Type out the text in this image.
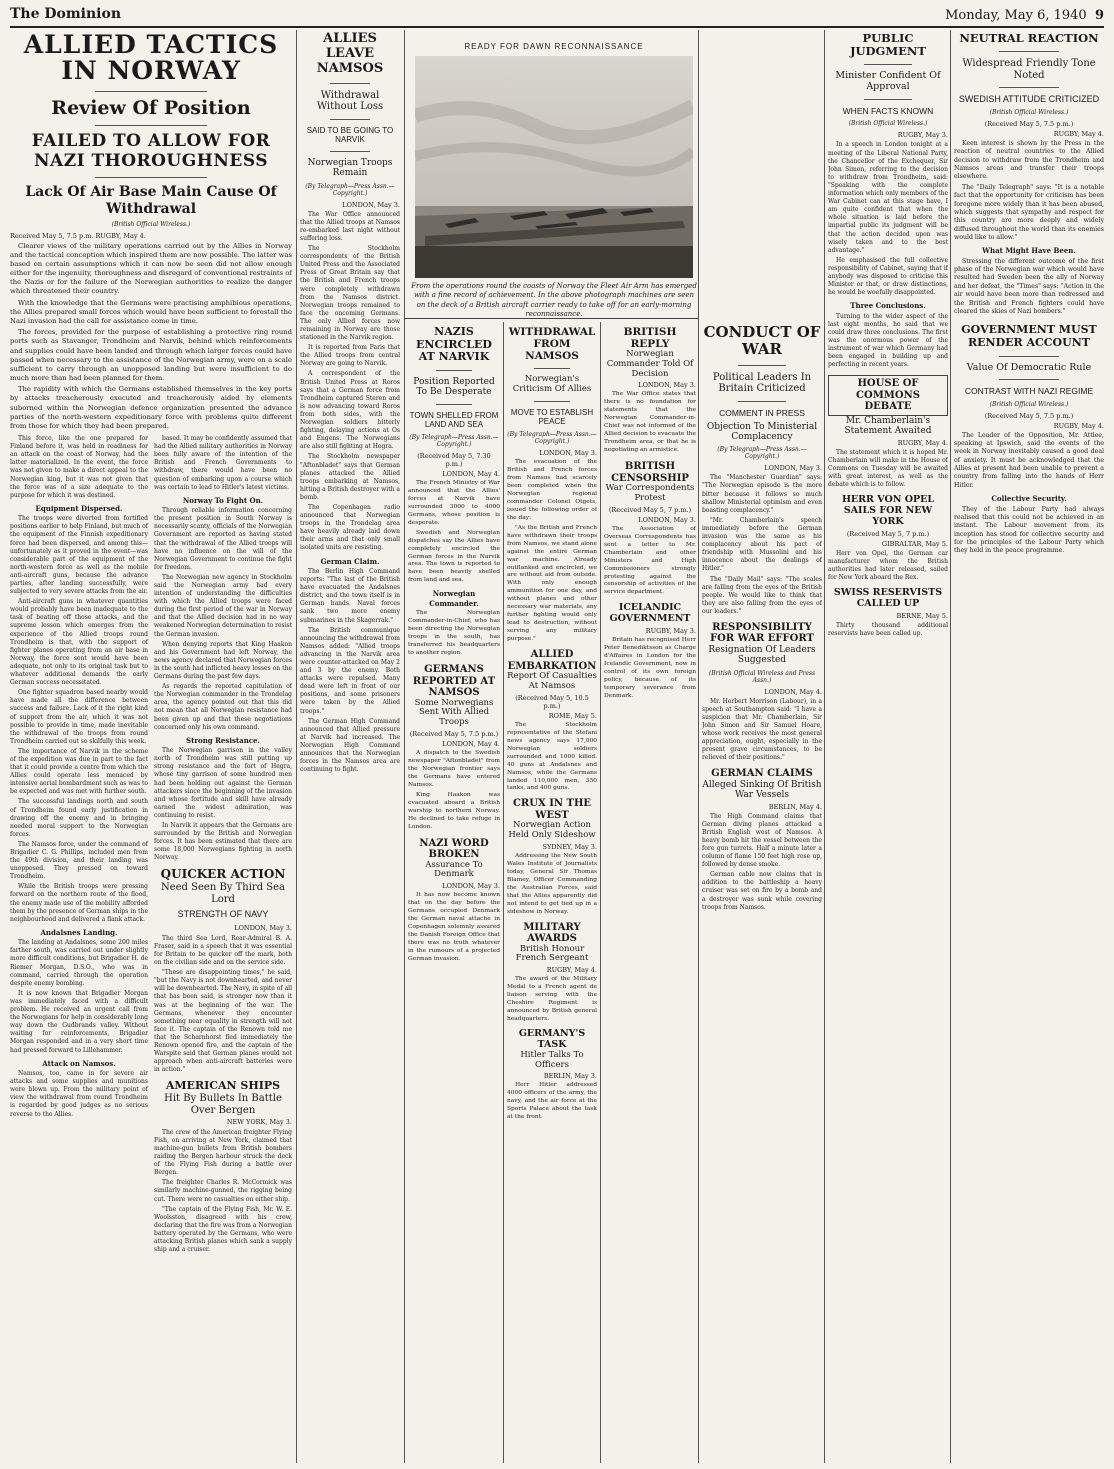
The Dominion	Monday, May 6, 1940 9
ALLIED TACTICS IN NORWAY
Review Of Position
FAILED TO ALLOW FOR NAZI THOROUGHNESS
Lack Of Air Base Main Cause Of Withdrawal
(British Official Wireless.)
Received May 5, 7.5 p.m. RUGBY, May 4.

Clearer views of the military operations carried out by the Allies in Norway and the tactical conception which inspired them are now possible. The latter was based on certain assumptions which it can now be seen did not allow enough either for the ingenuity, thoroughness and disregard of conventional restraints of the Nazis or for the failure of the Norwegian authorities to realize the danger which threatened their country.

With the knowledge that the Germans were practising amphibious operations, the Allies prepared small forces which would have been sufficient to forestall the Nazi invasion had the call for assistance come in time.

The forces, provided for the purpose of establishing a protective ring round ports such as Stavanger, Trondheim and Narvik, behind which reinforcements and supplies could have been landed and through which larger forces could have passed when necessary to the assistance of the Norwegian army, were on a scale sufficient to carry through an unopposed landing but were insufficient to do much more than had been planned for them.

The rapidity with which the Germans established themselves in the key ports by attacks treacherously executed and treacherously aided by elements suborned within the Norwegian defence organization presented the advance parties of the north-western expeditionary force with problems quite different from those for which they had been prepared.

This force, like the one prepared for Finland before it, was held in readiness for an attack on the coast of Norway, had the latter materialized. In the event, the force was not given to make a direct appeal to the Norwegian king, but it was not given that the force was of a size adequate to the purpose for which it was destined.

Equipment Dispersed.

The troops were diverted from fortified positions earlier to help Finland, but much of the equipment of the Finnish expeditionary force had been dispersed, and among this—unfortunately as it proved in the event—was considerable part of the equipment of the north-western force as well as the mobile anti-aircraft guns, because the advance parties, after landing successfully, were subjected to very severe attacks from the air.

Anti-aircraft guns in whatever quantities would probably have been inadequate to the task of beating off those attacks, and the supreme lesson which emerges from the experience of the Allied troops round Trondheim is that, with the support of fighter planes operating from an air base in Norway, the force sent would have been adequate, not only to its original task but to whatever additional demands the early German success necessitated.

One fighter squadron based nearby would have made all the difference between success and failure. Lack of it the right kind of support from the air, which it was not possible to provide in time, made inevitable the withdrawal of the troops from round Trondheim carried out so skilfully this week.

The importance of Narvik in the scheme of the expedition was due in part to the fact that it could provide a centre from which the Allies could operate less menaced by intensive aerial bombardment such as was to be expected and was met with further south.

The successful landings north and south of Trondheim found early justification in drawing off the enemy and in bringing needed moral support to the Norwegian forces.

The Namsos force, under the command of Brigadier C. G. Phillips, included men from the 49th division, and their landing was unopposed. They pressed on toward Trondheim.

While the British troops were pressing forward on the northern route of the flood, the enemy made use of the mobility afforded them by the presence of German ships in the neighbourhood and delivered a flank attack.

Andalsnes Landing.

The landing at Andalsnes, some 200 miles farther south, was carried out under slightly more difficult conditions, but Brigadier H. de Riemer Morgan, D.S.O., who was in command, carried through the operation despite enemy bombing.

It is now known that Brigadier Morgan was immediately faced with a difficult problem. He received an urgent call from the Norwegians for help in considerably long way down the Gudbrands valley. Without waiting for reinforcements, Brigadier Morgan responded and in a very short time had pressed forward to Lillehammer.

Attack on Namsos.

Namsos, too, came in for severe air attacks and some supplies and munitions were blown up. From the military point of view the withdrawal from round Trondheim is regarded by good judges as no serious reverse to the Allies.

based. It may be confidently assumed that had the Allied military authorities in Norway been fully aware of the intention of the British and French Governments to withdraw, there would have been no question of embarking upon a course which was certain to lead to Hitler's latest victims.

Norway To Fight On.

Through reliable information concerning the present position in South Norway is necessarily scanty, officials of the Norwegian Government are reported as having stated that the withdrawal of the Allied troops will have no influence on the will of the Norwegian Government to continue the fight for freedom.

The Norwegian new agency in Stockholm said the Norwegian army had every intention of understanding the difficulties with which the Allied troops were faced during the first period of the war in Norway and that the Allied decision had in no way weakened Norwegian determination to resist the German invasion.

When denying reports that King Haakon and his Government had left Norway, the news agency declared that Norwegian forces in the south had inflicted heavy losses on the Germans during the past few days.

As regards the reported capitulation of the Norwegian commander in the Trondelag area, the agency pointed out that this did not mean that all Norwegian resistance had been given up and that these negotiations concerned only his own command.

Strong Resistance.

The Norwegian garrison in the valley north of Trondheim was still putting up strong resistance and the fort of Hegra, whose tiny garrison of some hundred men had been holding out against the German attackers since the beginning of the invasion and whose fortitude and skill have already earned the widest admiration, was continuing to resist.

In Narvik it appears that the Germans are surrounded by the British and Norwegian forces. It has been estimated that there are some 18,000 Norwegians fighting in north Norway.

QUICKER ACTION
Need Seen By Third Sea Lord
STRENGTH OF NAVY
LONDON, May 3.

The third Sea Lord, Rear-Admiral B. A. Fraser, said in a speech that it was essential for Britain to be quicker off the mark, both on the civilian side and on the service side.

"These are disappointing times," he said, "but the Navy is not downhearted, and never will be downhearted. The Navy, in spite of all that has been said, is stronger now than it was at the beginning of the war. The Germans, whenever they encounter something near equality in strength will not face it. The captain of the Renown told me that the Scharnhorst fled immediately the Renown opened fire, and the captain of the Warspite said that German planes would not approach when anti-aircraft batteries were in action."

AMERICAN SHIPS
Hit By Bullets In Battle Over Bergen
NEW YORK, May 3.

The crew of the American freighter Flying Fish, on arriving at New York, claimed that machine-gun bullets from British bombers raiding the Bergen harbour struck the deck of the Flying Fish during a battle over Bergen.

The freighter Charles R. McCormick was similarly machine-gunned, the rigging being cut. There were no casualties on either ship.

"The captain of the Flying Fish, Mr. W. E. Woolsston, disagreed with his crew, declaring that the fire was from a Norwegian battery operated by the Germans, who were attacking British planes which sank a supply ship and a cruiser.

ALLIES LEAVE NAMSOS
Withdrawal Without Loss
SAID TO BE GOING TO NARVIK
Norwegian Troops Remain
(By Telegraph—Press Assn.—Copyright.)
LONDON, May 3.

The War Office announced that the Allied troops at Namsos re-embarked last night without suffering loss.

The Stockholm correspondents of the British United Press and the Associated Press of Great Britain say that the British and French troops were completely withdrawn from the Namsos district. Norwegian troops remained to face the oncoming Germans. The only Allied forces now remaining in Norway are those stationed in the Narvik region.

It is reported from Paris that the Allied troops from central Norway are going to Narvik.

A correspondent of the British United Press at Roros says that a German force from Trondheim captured Steren and is now advancing toward Roros from both sides, with the Norwegian soldiers bitterly fighting, delaying actions at Os and Engens. The Norwegians are also still fighting at Hegra.

The Stockholm newspaper "Aftonbladet" says that German planes attacked the Allied troops embarking at Namsos, hitting a British destroyer with a bomb.

The Copenhagen radio announced that Norwegian troops in the Trondelag area have heavily already laid down their arms and that only small isolated units are resisting.

German Claim.

The Berlin High Command reports: "The last of the British have evacuated the Andalsnes district, and the town itself is in German hands. Naval forces sank two more enemy submarines in the Skagerrak."

The British communique announcing the withdrawal from Namsos added: "Allied troops advancing in the Narvik area were counter-attacked on May 2 and 3 by the enemy. Both attacks were repulsed. Many dead were left in front of our positions, and some prisoners were taken by the Allied troops."

The German High Command announced that Allied pressure at Narvik had increased. The Norwegian High Command announces that the Norwegian forces in the Namsos area are continuing to fight.

READY FOR DAWN RECONNAISSANCE
From the operations round the coasts of Norway the Fleet Air Arm has emerged with a fine record of achievement. In the above photograph machines are seen on the deck of a British aircraft carrier ready to take off for an early-morning reconnaissance.
NAZIS ENCIRCLED AT NARVIK
Position Reported To Be Desperate
TOWN SHELLED FROM LAND AND SEA
(By Telegraph—Press Assn.—Copyright.)
(Received May 5, 7.30 p.m.)
LONDON, May 4.

The French Ministry of War announced that the Allies' forces at Narvik have surrounded 3000 to 4000 Germans, whose position is desperate.

Swedish and Norwegian dispatches say the Allies have completely encircled the German forces in the Narvik area. The town is reported to have been heavily shelled from land and sea.

Norwegian Commander.

The Norwegian Commander-in-Chief, who has been directing the Norwegian troops in the south, has transferred his headquarters to another region.

GERMANS REPORTED AT NAMSOS
Some Norwegians Sent With Allied Troops
(Received May 5, 7.5 p.m.)
LONDON, May 4.

A dispatch to the Swedish newspaper "Aftonbladet" from the Norwegian frontier says the Germans have entered Namsos.

King Haakon was evacuated aboard a British warship to northern Norway. He declined to take refuge in London.

NAZI WORD BROKEN
Assurance To Denmark
LONDON, May 3.

It has now become known that on the day before the Germans occupied Denmark the German naval attache in Copenhagen solemnly assured the Danish Foreign Office that there was no truth whatever in the rumours of a projected German invasion.

WITHDRAWAL FROM NAMSOS
Norwegian's Criticism Of Allies
MOVE TO ESTABLISH PEACE
(By Telegraph—Press Assn.—Copyright.)
LONDON, May 3.

The evacuation of the British and French forces from Namsos had scarcely been completed when the Norwegian regional commander Colonel Otgets, issued the following order of the day:

"As the British and French have withdrawn their troops from Namsos, we stand alone against the entire German war machine. Already outflanked and encircled, we are without aid from outside. With only enough ammunition for one day, and without planes and other necessary war materials, any further fighting would only lead to destruction, without serving any military purpose."

ALLIED EMBARKATION
Report Of Casualties At Namsos
(Received May 5, 10.5 p.m.)
ROME, May 5.

The Stockholm representative of the Stefani news agency says 17,000 Norwegian soldiers surrounded and 1000 killed. 40 guns at Andalsnes and Namsos, while the Germans landed 110,000 men, 350 tanks, and 400 guns.

CRUX IN THE WEST
Norwegian Action Held Only Sideshow
SYDNEY, May 3.

Addressing the New South Wales Institute of Journalists today, General Sir Thomas Blamey, Officer Commanding the Australian Forces, said that the Allies apparently did not intend to get tied up in a sideshow in Norway.

MILITARY AWARDS
British Honour French Sergeant
RUGBY, May 4.

The award of the Military Medal to a French agent de liaison serving with the Cheshire Regiment is announced by British general headquarters.

GERMANY'S TASK
Hitler Talks To Officers
BERLIN, May 3.

Herr Hitler addressed 4000 officers of the army, the navy, and the air force at the Sports Palace about the task at the front.

BRITISH REPLY
Norwegian Commander Told Of Decision
LONDON, May 3.

The War Office states that there is no foundation for statements that the Norwegian Commander-in-Chief was not informed of the Allied decision to evacuate the Trondheim area, or that he is negotiating an armistice.

BRITISH CENSORSHIP
War Correspondents Protest
(Received May 5, 7 p.m.)
LONDON, May 3.

The Association of Overseas Correspondents has sent a letter to Mr. Chamberlain and other Ministers and High Commissioners strongly protesting against the censorship of activities of the service department.

ICELANDIC GOVERNMENT
RUGBY, May 3.

Britain has recognised Herr Peter Benediktsson as Charge d'Affaires in London for the Icelandic Government, now in control of its own foreign policy, because of its temporary severance from Denmark.

CONDUCT OF WAR
Political Leaders In Britain Criticized
COMMENT IN PRESS
Objection To Ministerial Complacency
(By Telegraph—Press Assn.—Copyright.)
LONDON, May 3.

The "Manchester Guardian" says: "The Norwegian episode is the more bitter because it follows so much shallow Ministerial optimism and even boasting complacency."

"Mr. Chamberlain's speech immediately before the German invasion was the same as his complacency about his pact of friendship with Mussolini and his innocence about the dealings of Hitler."

The "Daily Mail" says: "The scales are falling from the eyes of the British people. We would like to think that they are also falling from the eyes of our leaders."

RESPONSIBILITY FOR WAR EFFORT
Resignation Of Leaders Suggested
(British Official Wireless and Press Assn.)
LONDON, May 4.

Mr. Herbert Morrison (Labour), in a speech at Southampton said: "I have a suspicion that Mr. Chamberlain, Sir John Simon and Sir Samuel Hoare, whose work receives the most general appreciation, ought, especially in the present grave circumstances, to be relieved of their positions."

GERMAN CLAIMS
Alleged Sinking Of British War Vessels
BERLIN, May 4.

The High Command claims that German diving planes attacked a British English west of Namsos. A heavy bomb hit the vessel between the fore gun turrets. Half a minute later a column of flame 150 feet high rose up, followed by dense smoke.

German cable now claims that in addition to the battleship a heavy cruiser was set on fire by a bomb and a destroyer was sunk while covering troops from Namsos.

PUBLIC JUDGMENT
Minister Confident Of Approval
WHEN FACTS KNOWN
(British Official Wireless.)
RUGBY, May 3.

In a speech in London tonight at a meeting of the Liberal National Party, the Chancellor of the Exchequer, Sir John Simon, referring to the decision to withdraw from Trondheim, said: "Speaking with the complete information which only members of the War Cabinet can at this stage have, I am quite confident that when the whole situation is laid before the impartial public its judgment will be that the action decided upon was wisely taken and to the best advantage."

He emphasised the full collective responsibility of Cabinet, saying that if anybody was disposed to criticise this Minister or that, or draw distinctions, he would be woefully disappointed.

Three Conclusions.

Turning to the wider aspect of the last eight months, he said that we could draw three conclusions. The first was the enormous power of the instrument of war which Germany had been engaged in building up and perfecting in recent years.

HOUSE OF COMMONS DEBATE
Mr. Chamberlain's Statement Awaited
RUGBY, May 4.

The statement which it is hoped Mr. Chamberlain will make in the House of Commons on Tuesday will be awaited with great interest, as well as the debate which is to follow.

HERR VON OPEL SAILS FOR NEW YORK
(Received May 5, 7 p.m.)
GIBRALTAR, May 5.

Herr von Opel, the German car manufacturer whom the British authorities had later released, sailed for New York aboard the Rex.

SWISS RESERVISTS CALLED UP
BERNE, May 5.

Thirty thousand additional reservists have been called up.

NEUTRAL REACTION
Widespread Friendly Tone Noted
SWEDISH ATTITUDE CRITICIZED
(British Official Wireless.)
(Received May 5, 7.5 p.m.)
RUGBY, May 4.

Keen interest is shown by the Press in the reaction of neutral countries to the Allied decision to withdraw from the Trondheim and Namsos areas and transfer their troops elsewhere.

The "Daily Telegraph" says: "It is a notable fact that the opportunity for criticism has been foregone more widely than it has been abused, which suggests that sympathy and respect for this country are more deeply and widely diffused throughout the world than its enemies would like to allow."

What Might Have Been.

Stressing the different outcome of the first phase of the Norwegian war which would have resulted had Sweden been the ally of Norway and her defeat, the "Times" says: "Action in the air would have been more than redressed and the British and French fighters could have cleared the skies of Nazi bombers."

GOVERNMENT MUST RENDER ACCOUNT
Value Of Democratic Rule
CONTRAST WITH NAZI REGIME
(British Official Wireless.)
(Received May 5, 7.5 p.m.)
RUGBY, May 4.

The Leader of the Opposition, Mr. Attlee, speaking at Ipswich, said the events of the week in Norway inevitably caused a good deal of anxiety. It must be acknowledged that the Allies at present had been unable to prevent a country from falling into the hands of Herr Hitler.

Collective Security.

They of the Labour Party had always realised that this could not be achieved in an instant. The Labour movement from its inception has stood for collective security and for the principles of the Labour Party which they held in the peace programme.
